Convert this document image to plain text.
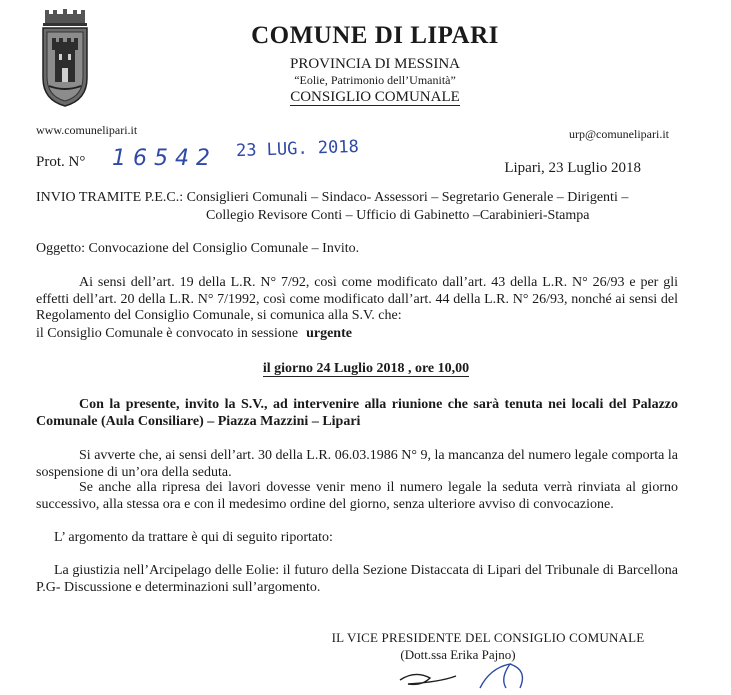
COMUNE DI LIPARI
PROVINCIA DI MESSINA
“Eolie, Patrimonio dell’Umanità”
CONSIGLIO COMUNALE
www.comunelipari.it	urp@comunelipari.it
Prot. N° 16542 23 LUG. 2018
Lipari, 23 Luglio 2018

INVIO TRAMITE P.E.C.: Consiglieri Comunali – Sindaco- Assessori – Segretario Generale – Dirigenti –

Collegio Revisore Conti – Ufficio di Gabinetto –Carabinieri-Stampa

Oggetto: Convocazione del Consiglio Comunale – Invito.

Ai sensi dell’art. 19 della L.R. N° 7/92, così come modificato dall’art. 43 della L.R. N° 26/93 e per gli effetti dell’art. 20 della L.R. N° 7/1992, così come modificato dall’art. 44 della L.R. N° 26/93, nonché ai sensi del Regolamento del Consiglio Comunale, si comunica alla S.V. che:

il Consiglio Comunale è convocato in sessione urgente

il giorno 24 Luglio 2018 , ore 10,00

Con la presente, invito la S.V., ad intervenire alla riunione che sarà tenuta nei locali del Palazzo Comunale (Aula Consiliare) – Piazza Mazzini – Lipari

Si avverte che, ai sensi dell’art. 30 della L.R. 06.03.1986 N° 9, la mancanza del numero legale comporta la sospensione di un’ora della seduta.

Se anche alla ripresa dei lavori dovesse venir meno il numero legale la seduta verrà rinviata al giorno successivo, alla stessa ora e con il medesimo ordine del giorno, senza ulteriore avviso di convocazione.

L’ argomento da trattare è qui di seguito riportato:

La giustizia nell’Arcipelago delle Eolie: il futuro della Sezione Distaccata di Lipari del Tribunale di Barcellona P.G- Discussione e determinazioni sull’argomento.

IL VICE PRESIDENTE DEL CONSIGLIO COMUNALE
(Dott.ssa Erika Pajno)
